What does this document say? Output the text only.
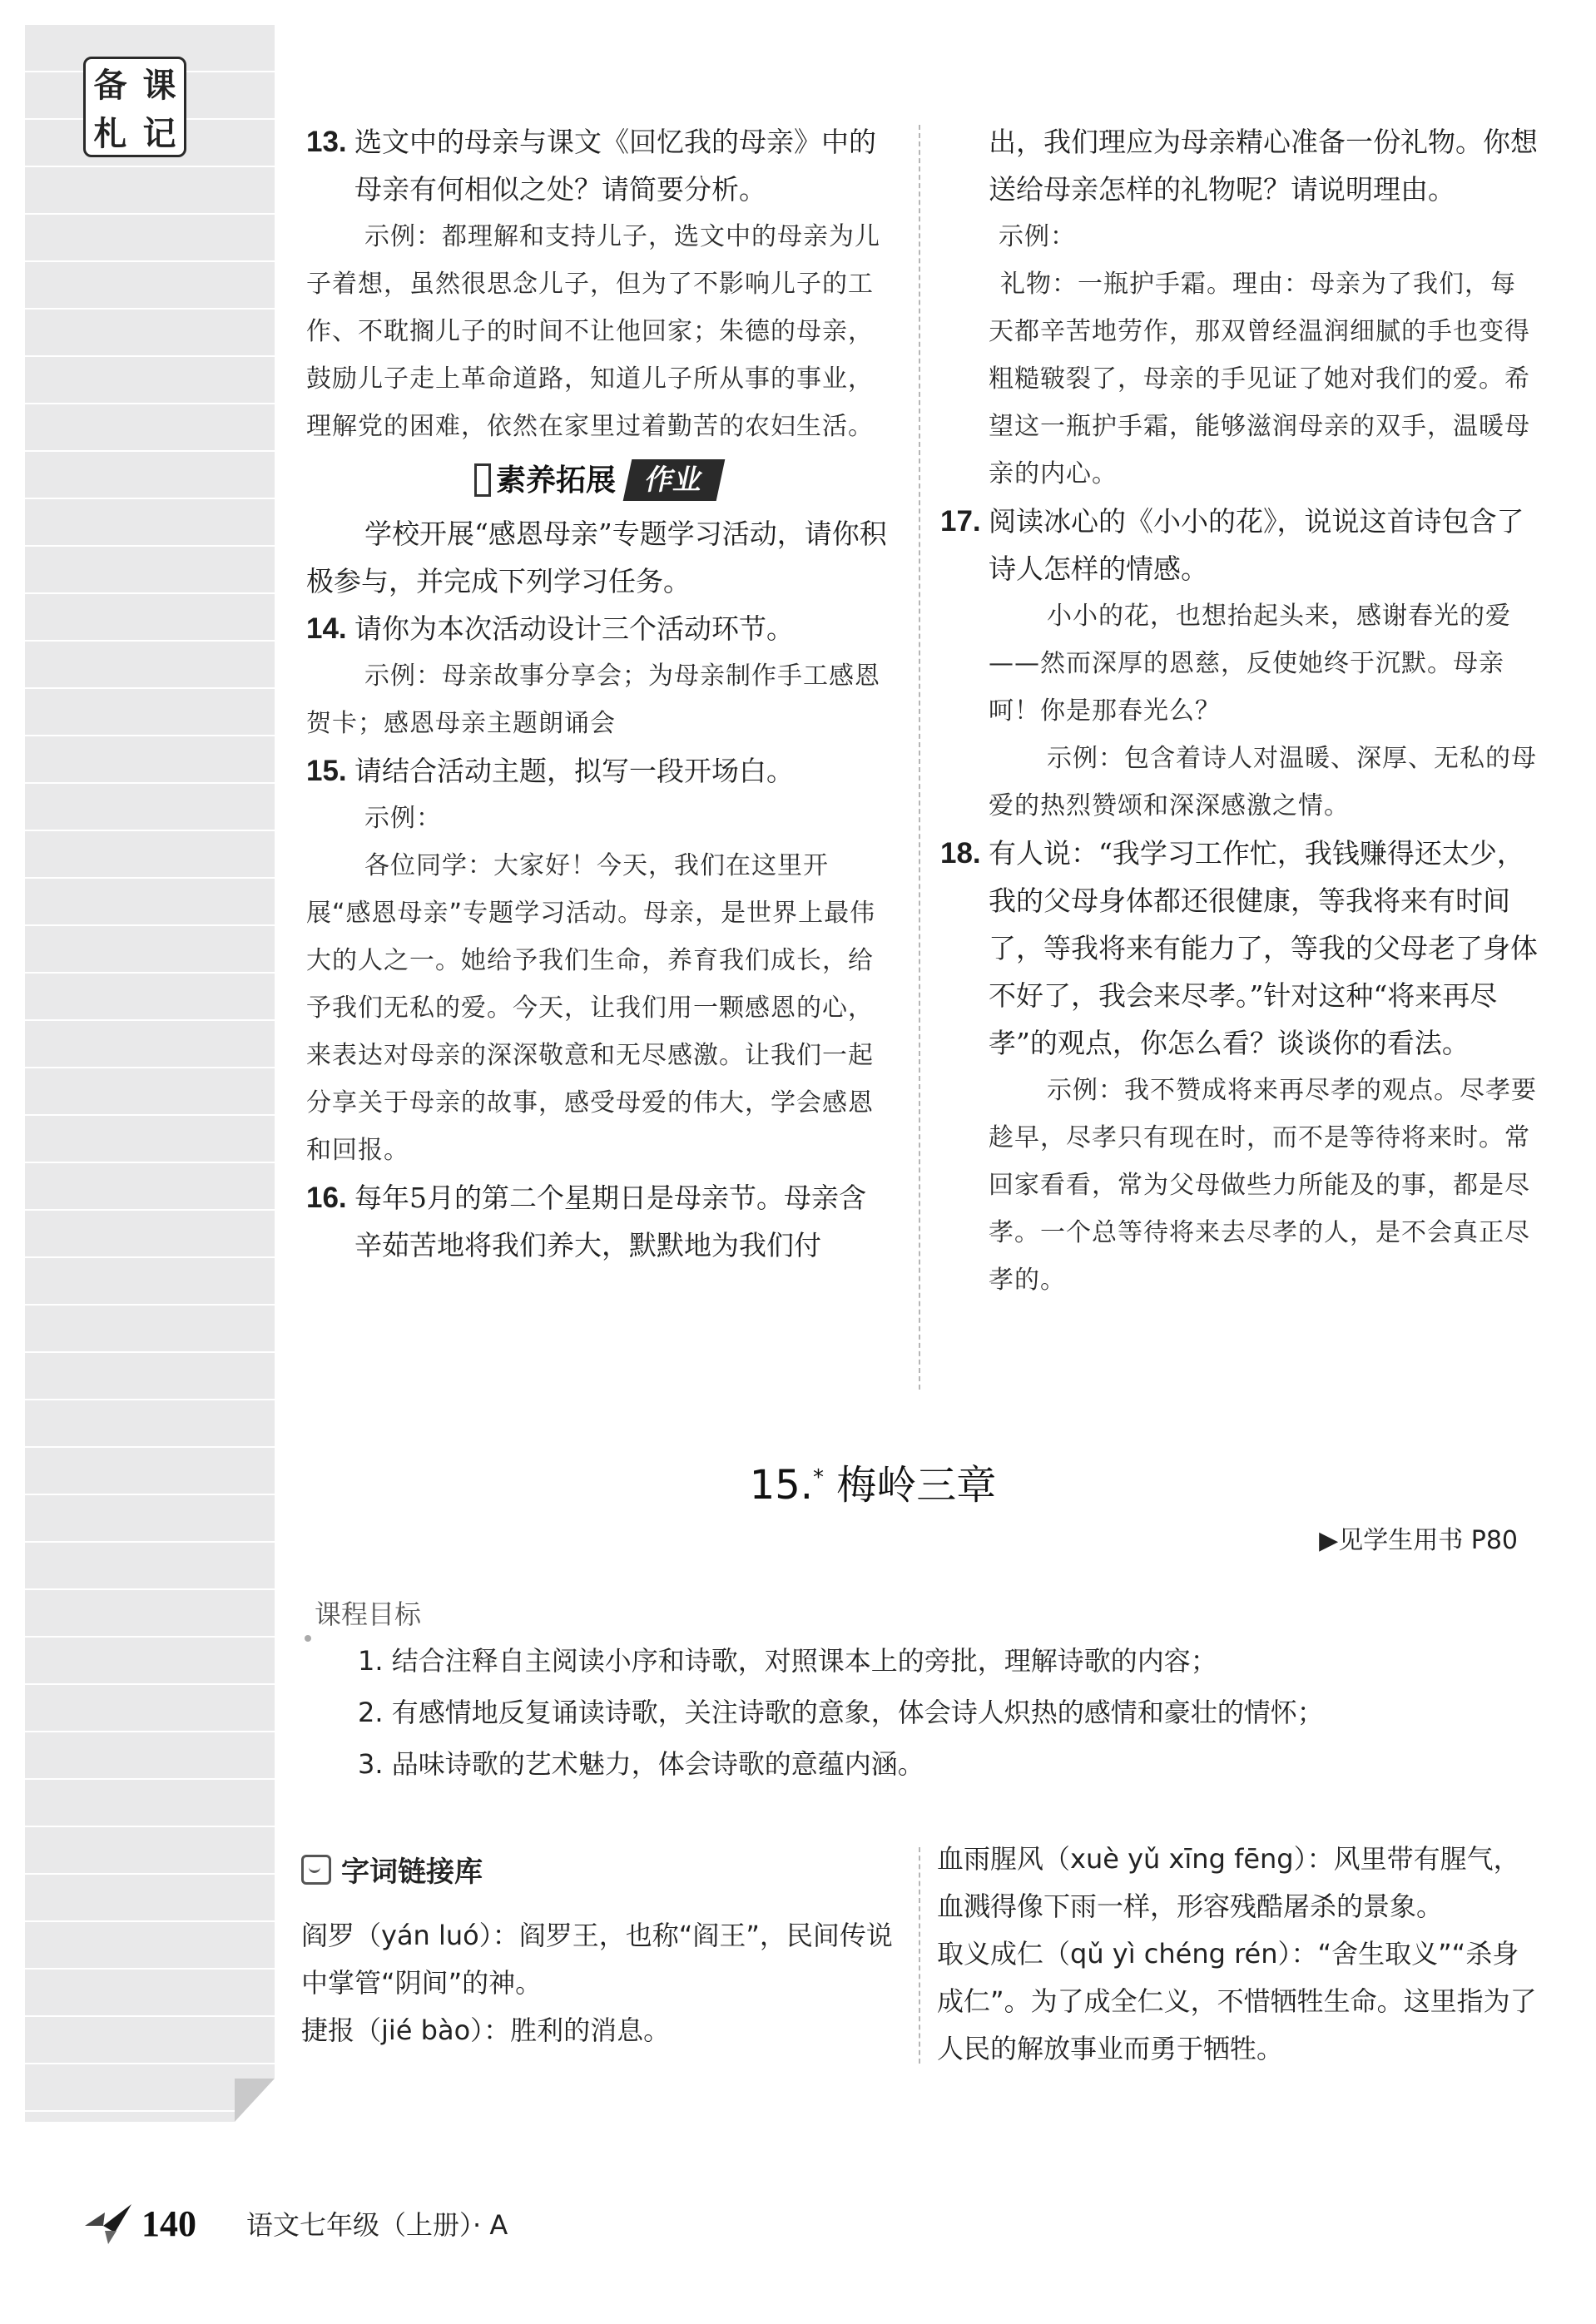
备 课
札 记	13. 选文中的母亲与课文《回忆我的母亲》中的母亲有何相似之处？请简要分析。

示例：都理解和支持儿子，选文中的母亲为儿子着想，虽然很思念儿子，但为了不影响儿子的工作、不耽搁儿子的时间不让他回家；朱德的母亲，鼓励儿子走上革命道路，知道儿子所从事的事业，理解党的困难，依然在家里过着勤苦的农妇生活。

素养拓展 作业

学校开展“感恩母亲”专题学习活动，请你积极参与，并完成下列学习任务。

14. 请你为本次活动设计三个活动环节。

示例：母亲故事分享会；为母亲制作手工感恩贺卡；感恩母亲主题朗诵会

15. 请结合活动主题，拟写一段开场白。

示例：

各位同学：大家好！今天，我们在这里开展“感恩母亲”专题学习活动。母亲，是世界上最伟大的人之一。她给予我们生命，养育我们成长，给予我们无私的爱。今天，让我们用一颗感恩的心，来表达对母亲的深深敬意和无尽感激。让我们一起分享关于母亲的故事，感受母爱的伟大，学会感恩和回报。

16. 每年5月的第二个星期日是母亲节。母亲含辛茹苦地将我们养大，默默地为我们付

出，我们理应为母亲精心准备一份礼物。你想送给母亲怎样的礼物呢？请说明理由。

示例：

礼物：一瓶护手霜。理由：母亲为了我们，每天都辛苦地劳作，那双曾经温润细腻的手也变得粗糙皲裂了，母亲的手见证了她对我们的爱。希望这一瓶护手霜，能够滋润母亲的双手，温暖母亲的内心。

17. 阅读冰心的《小小的花》，说说这首诗包含了诗人怎样的情感。

小小的花，也想抬起头来，感谢春光的爱——然而深厚的恩慈，反使她终于沉默。母亲呵！你是那春光么？

示例：包含着诗人对温暖、深厚、无私的母爱的热烈赞颂和深深感激之情。

18. 有人说：“我学习工作忙，我钱赚得还太少，我的父母身体都还很健康，等我将来有时间了，等我将来有能力了，等我的父母老了身体不好了，我会来尽孝。”针对这种“将来再尽孝”的观点，你怎么看？谈谈你的看法。

示例：我不赞成将来再尽孝的观点。尽孝要趁早，尽孝只有现在时，而不是等待将来时。常回家看看，常为父母做些力所能及的事，都是尽孝。一个总等待将来去尽孝的人，是不会真正尽孝的。

15.* 梅岭三章
▶见学生用书 P80
课程目标

1. 结合注释自主阅读小序和诗歌，对照课本上的旁批，理解诗歌的内容；

2. 有感情地反复诵读诗歌，关注诗歌的意象，体会诗人炽热的感情和豪壮的情怀；

3. 品味诗歌的艺术魅力，体会诗歌的意蕴内涵。

字词链接库

阎罗（yán luó）：阎罗王，也称“阎王”，民间传说中掌管“阴间”的神。

捷报（jié bào）：胜利的消息。

血雨腥风（xuè yǔ xīng fēng）：风里带有腥气，血溅得像下雨一样，形容残酷屠杀的景象。

取义成仁（qǔ yì chéng rén）：“舍生取义”“杀身成仁”。为了成全仁义，不惜牺牲生命。这里指为了人民的解放事业而勇于牺牲。

140 语文七年级（上册）· A
